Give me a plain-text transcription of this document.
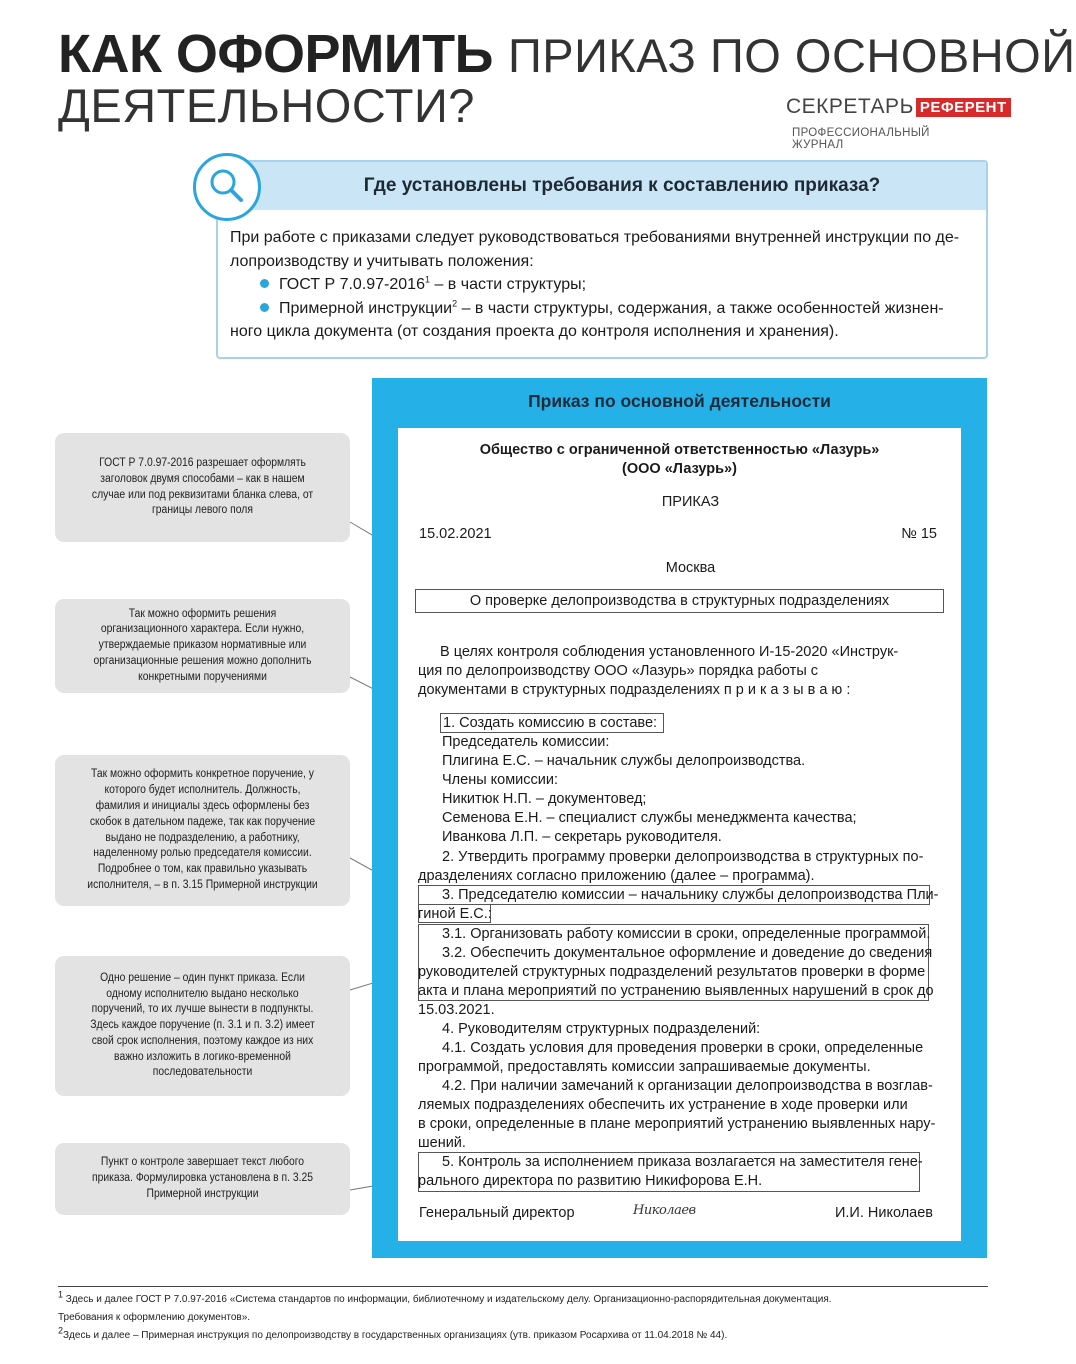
КАК ОФОРМИТЬ ПРИКАЗ ПО ОСНОВНОЙ
ДЕЯТЕЛЬНОСТИ?	СЕКРЕТАРЬ РЕФЕРЕНТ
ПРОФЕССИОНАЛЬНЫЙ ЖУРНАЛ
Где установлены требования к составлению приказа?
При работе с приказами следует руководствоваться требованиями внутренней инструкции по де-
лопроизводству и учитывать положения:
ГОСТ Р 7.0.97-2016$^1$ – в части структуры;
Примерной инструкции$^2$ – в части структуры, содержания, а также особенностей жизнен-
ного цикла документа (от создания проекта до контроля исполнения и хранения).
Приказ по основной деятельности
Общество с ограниченной ответственностью «Лазурь»
(ООО «Лазурь»)
ПРИКАЗ
15.02.2021	№ 15
Москва
О проверке делопроизводства в структурных подразделениях
В целях контроля соблюдения установленного И-15-2020 «Инструк-
ция по делопроизводству ООО «Лазурь» порядка работы с
документами в структурных подразделениях п р и к а з ы в а ю :
1. Создать комиссию в составе:
Председатель комиссии:
Плигина Е.С. – начальник службы делопроизводства.
Члены комиссии:
Никитюк Н.П. – документовед;
Семенова Е.Н. – специалист службы менеджмента качества;
Иванкова Л.П. – секретарь руководителя.
2. Утвердить программу проверки делопроизводства в структурных по-
дразделениях согласно приложению (далее – программа).
3. Председателю комиссии – начальнику службы делопроизводства Пли-
гиной Е.С.:
3.1. Организовать работу комиссии в сроки, определенные программой.
3.2. Обеспечить документальное оформление и доведение до сведения
руководителей структурных подразделений результатов проверки в форме
акта и плана мероприятий по устранению выявленных нарушений в срок до
15.03.2021.
4. Руководителям структурных подразделений:
4.1. Создать условия для проведения проверки в сроки, определенные
программой, предоставлять комиссии запрашиваемые документы.
4.2. При наличии замечаний к организации делопроизводства в возглав-
ляемых подразделениях обеспечить их устранение в ходе проверки или
в сроки, определенные в плане мероприятий устранению выявленных нару-
шений.
5. Контроль за исполнением приказа возлагается на заместителя гене-
рального директора по развитию Никифорова Е.Н.
Генеральный директор	Николаев	И.И. Николаев
ГОСТ Р 7.0.97-2016 разрешает оформлять заголовок двумя способами – как в нашем случае или под реквизитами бланка слева, от границы левого поля
Так можно оформить решения организационного характера. Если нужно, утверждаемые приказом нормативные или организационные решения можно дополнить конкретными поручениями
Так можно оформить конкретное поручение, у которого будет исполнитель. Должность, фамилия и инициалы здесь оформлены без скобок в дательном падеже, так как поручение выдано не подразделению, а работнику, наделенному ролью председателя комиссии. Подробнее о том, как правильно указывать исполнителя, – в п. 3.15 Примерной инструкции
Одно решение – один пункт приказа. Если одному исполнителю выдано несколько поручений, то их лучше вынести в подпункты. Здесь каждое поручение (п. 3.1 и п. 3.2) имеет свой срок исполнения, поэтому каждое из них важно изложить в логико-временной последовательности
Пункт о контроле завершает текст любого приказа. Формулировка установлена в п. 3.25 Примерной инструкции
$^1$ Здесь и далее ГОСТ Р 7.0.97-2016 «Система стандартов по информации, библиотечному и издательскому делу. Организационно-распорядительная документация.
Требования к оформлению документов».
$^2$Здесь и далее – Примерная инструкция по делопроизводству в государственных организациях (утв. приказом Росархива от 11.04.2018 № 44).
